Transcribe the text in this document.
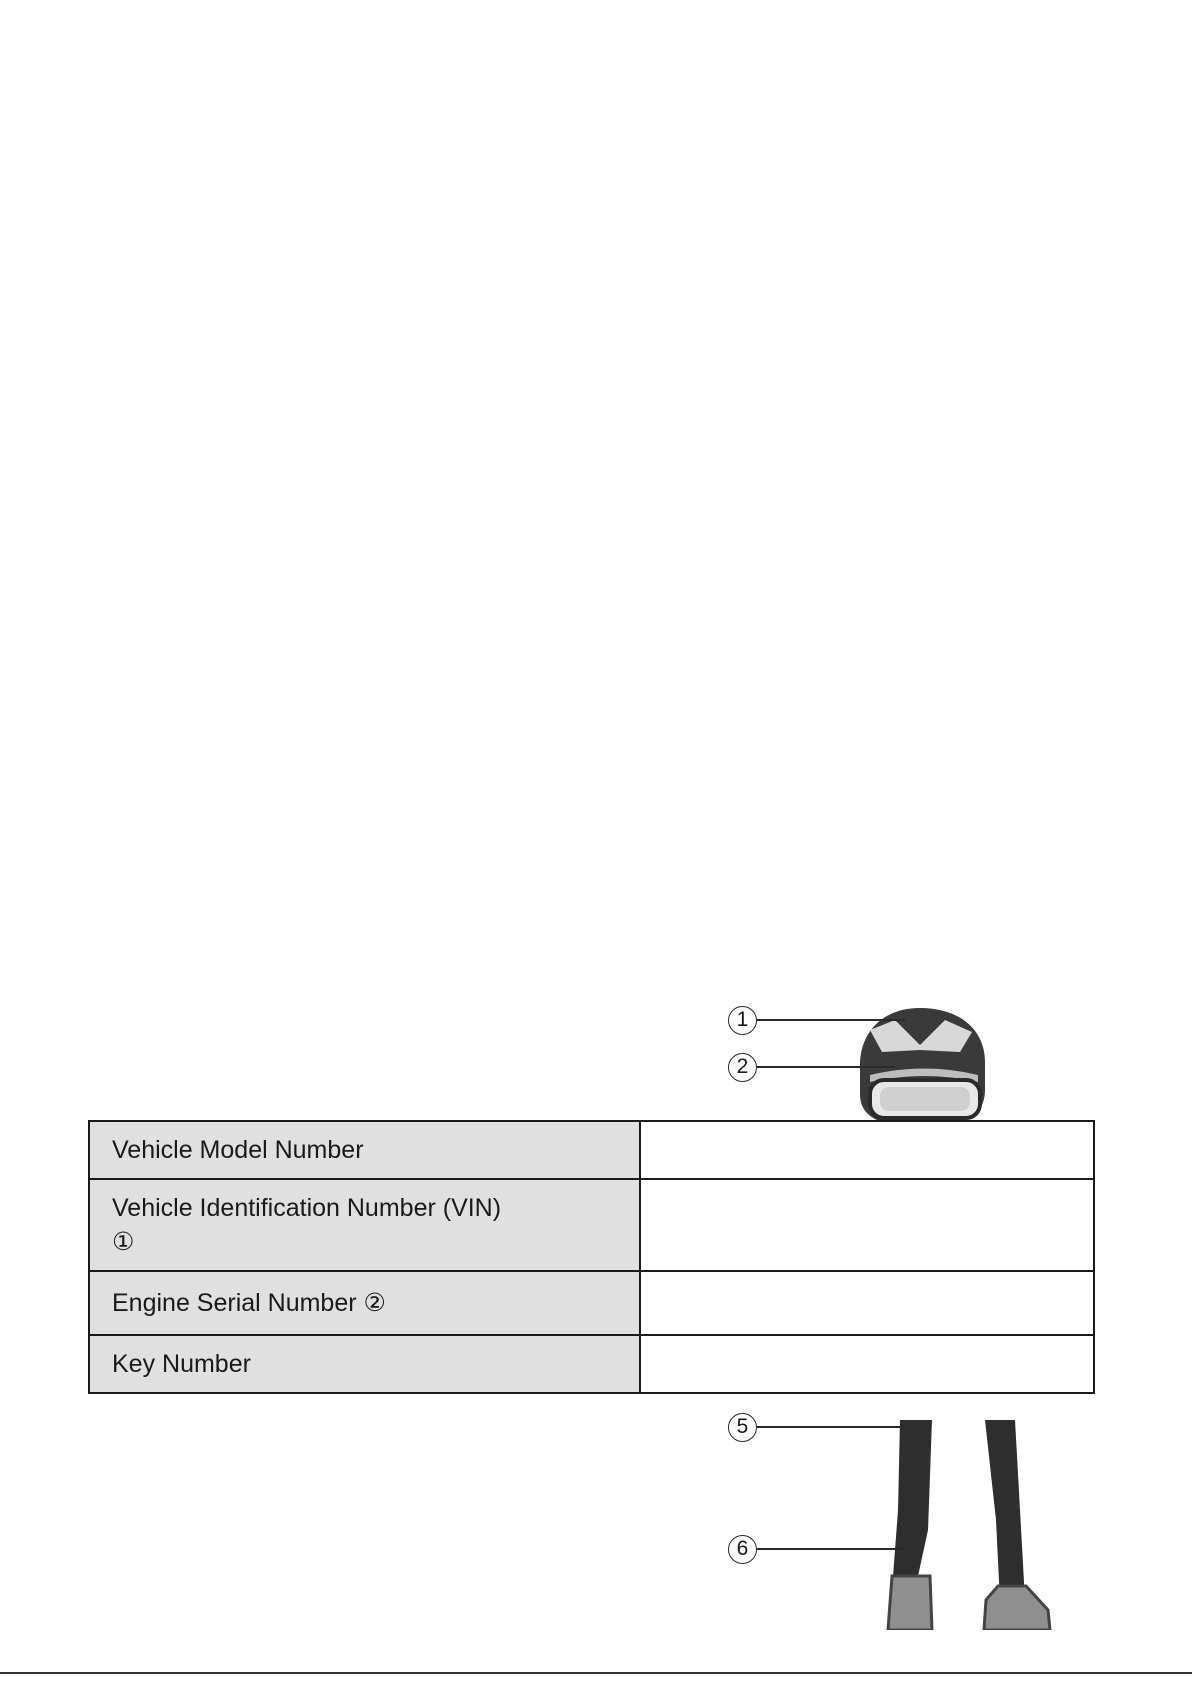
1
2
5
6
Vehicle Model Number	
Vehicle Identification Number (VIN)
①	
Engine Serial Number ②	
Key Number	
